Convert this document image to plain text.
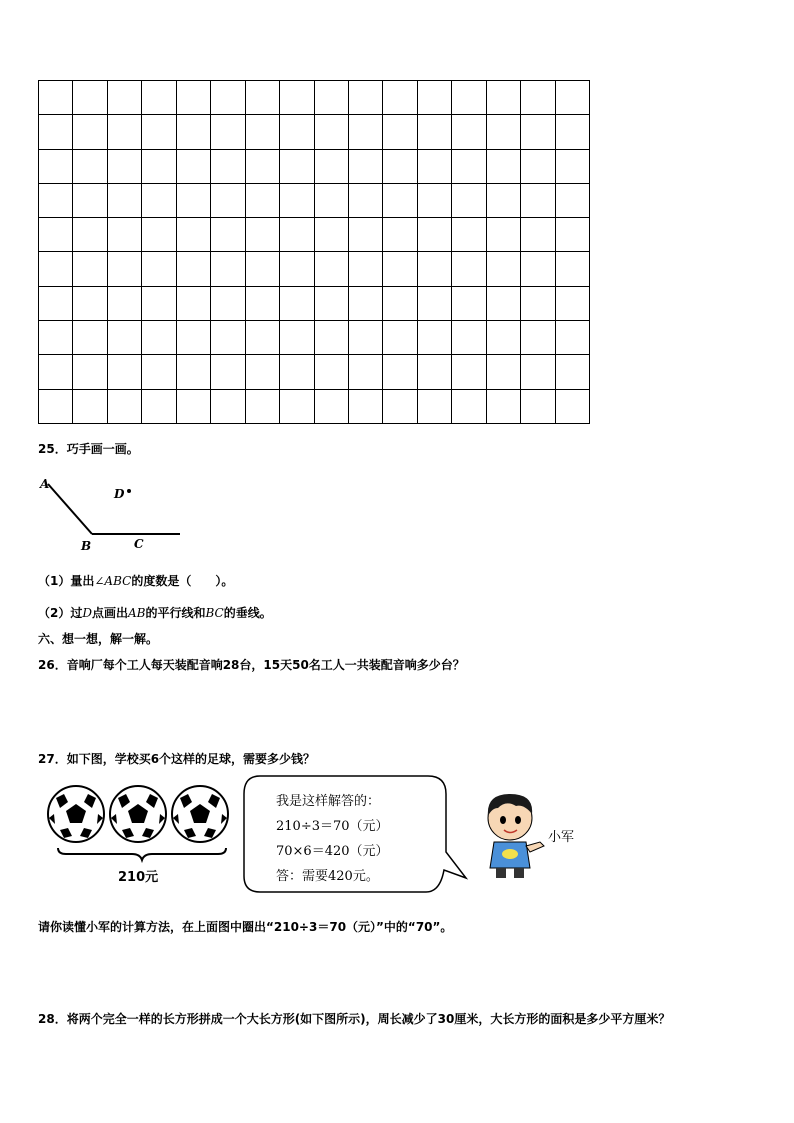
25．巧手画一画。
A
B	C
D
（1）量出∠ABC的度数是（　　）。
（2）过D点画出AB的平行线和BC的垂线。
六、想一想，解一解。
26．音响厂每个工人每天装配音响28台，15天50名工人一共装配音响多少台？
27．如下图，学校买6个这样的足球，需要多少钱？
210元
我是这样解答的：
210÷3＝70（元）
70×6＝420（元）
答：需要420元。
小军
请你读懂小军的计算方法，在上面图中圈出“210÷3＝70（元）”中的“70”。
28．将两个完全一样的长方形拼成一个大长方形(如下图所示)，周长减少了30厘米，大长方形的面积是多少平方厘米？
